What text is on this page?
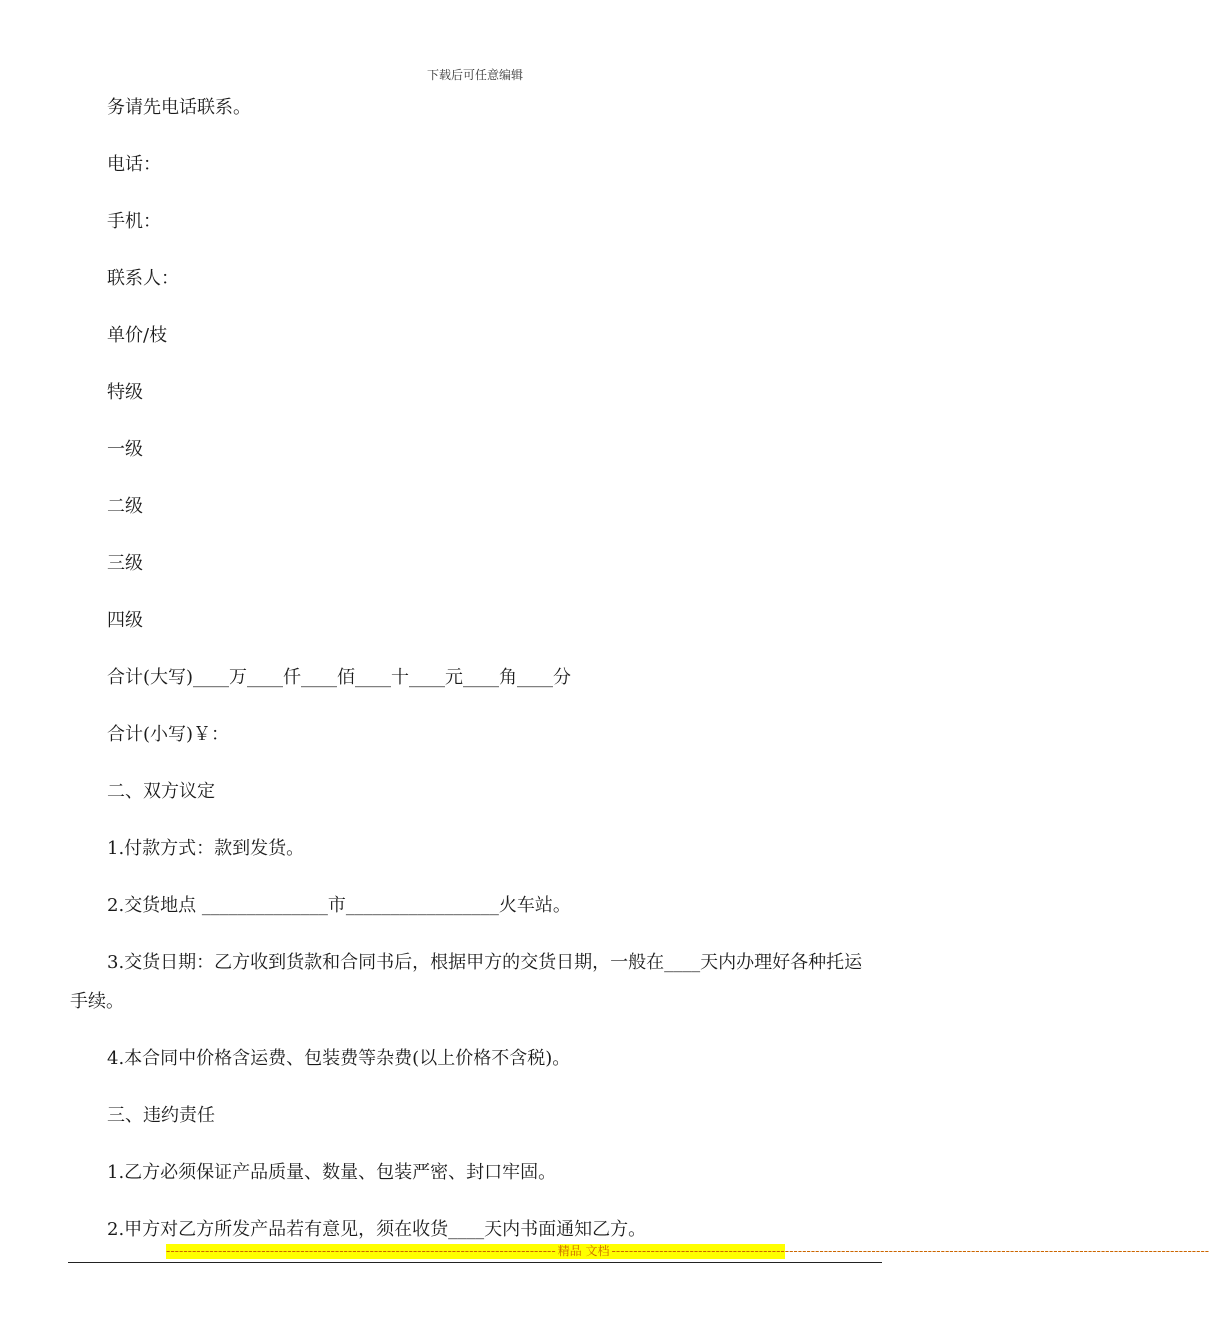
下载后可任意编辑

务请先电话联系。

电话：

手机：

联系人：

单价/枝

特级

一级

二级

三级

四级

合计(大写)____万____仟____佰____十____元____角____分

合计(小写)￥：

二、双方议定

1.付款方式：款到发货。

2.交货地点 ______________市_________________火车站。

3.交货日期：乙方收到货款和合同书后，根据甲方的交货日期，一般在____天内办理好各种托运手续。

4.本合同中价格含运费、包装费等杂费(以上价格不含税)。

三、违约责任

1.乙方必须保证产品质量、数量、包装严密、封口牢固。

2.甲方对乙方所发产品若有意见，须在收货____天内书面通知乙方。

------------------------------------------------------------------------------------------ 精品 文档 ------------------------------------------------------------------------------------------------------------------------------------------
